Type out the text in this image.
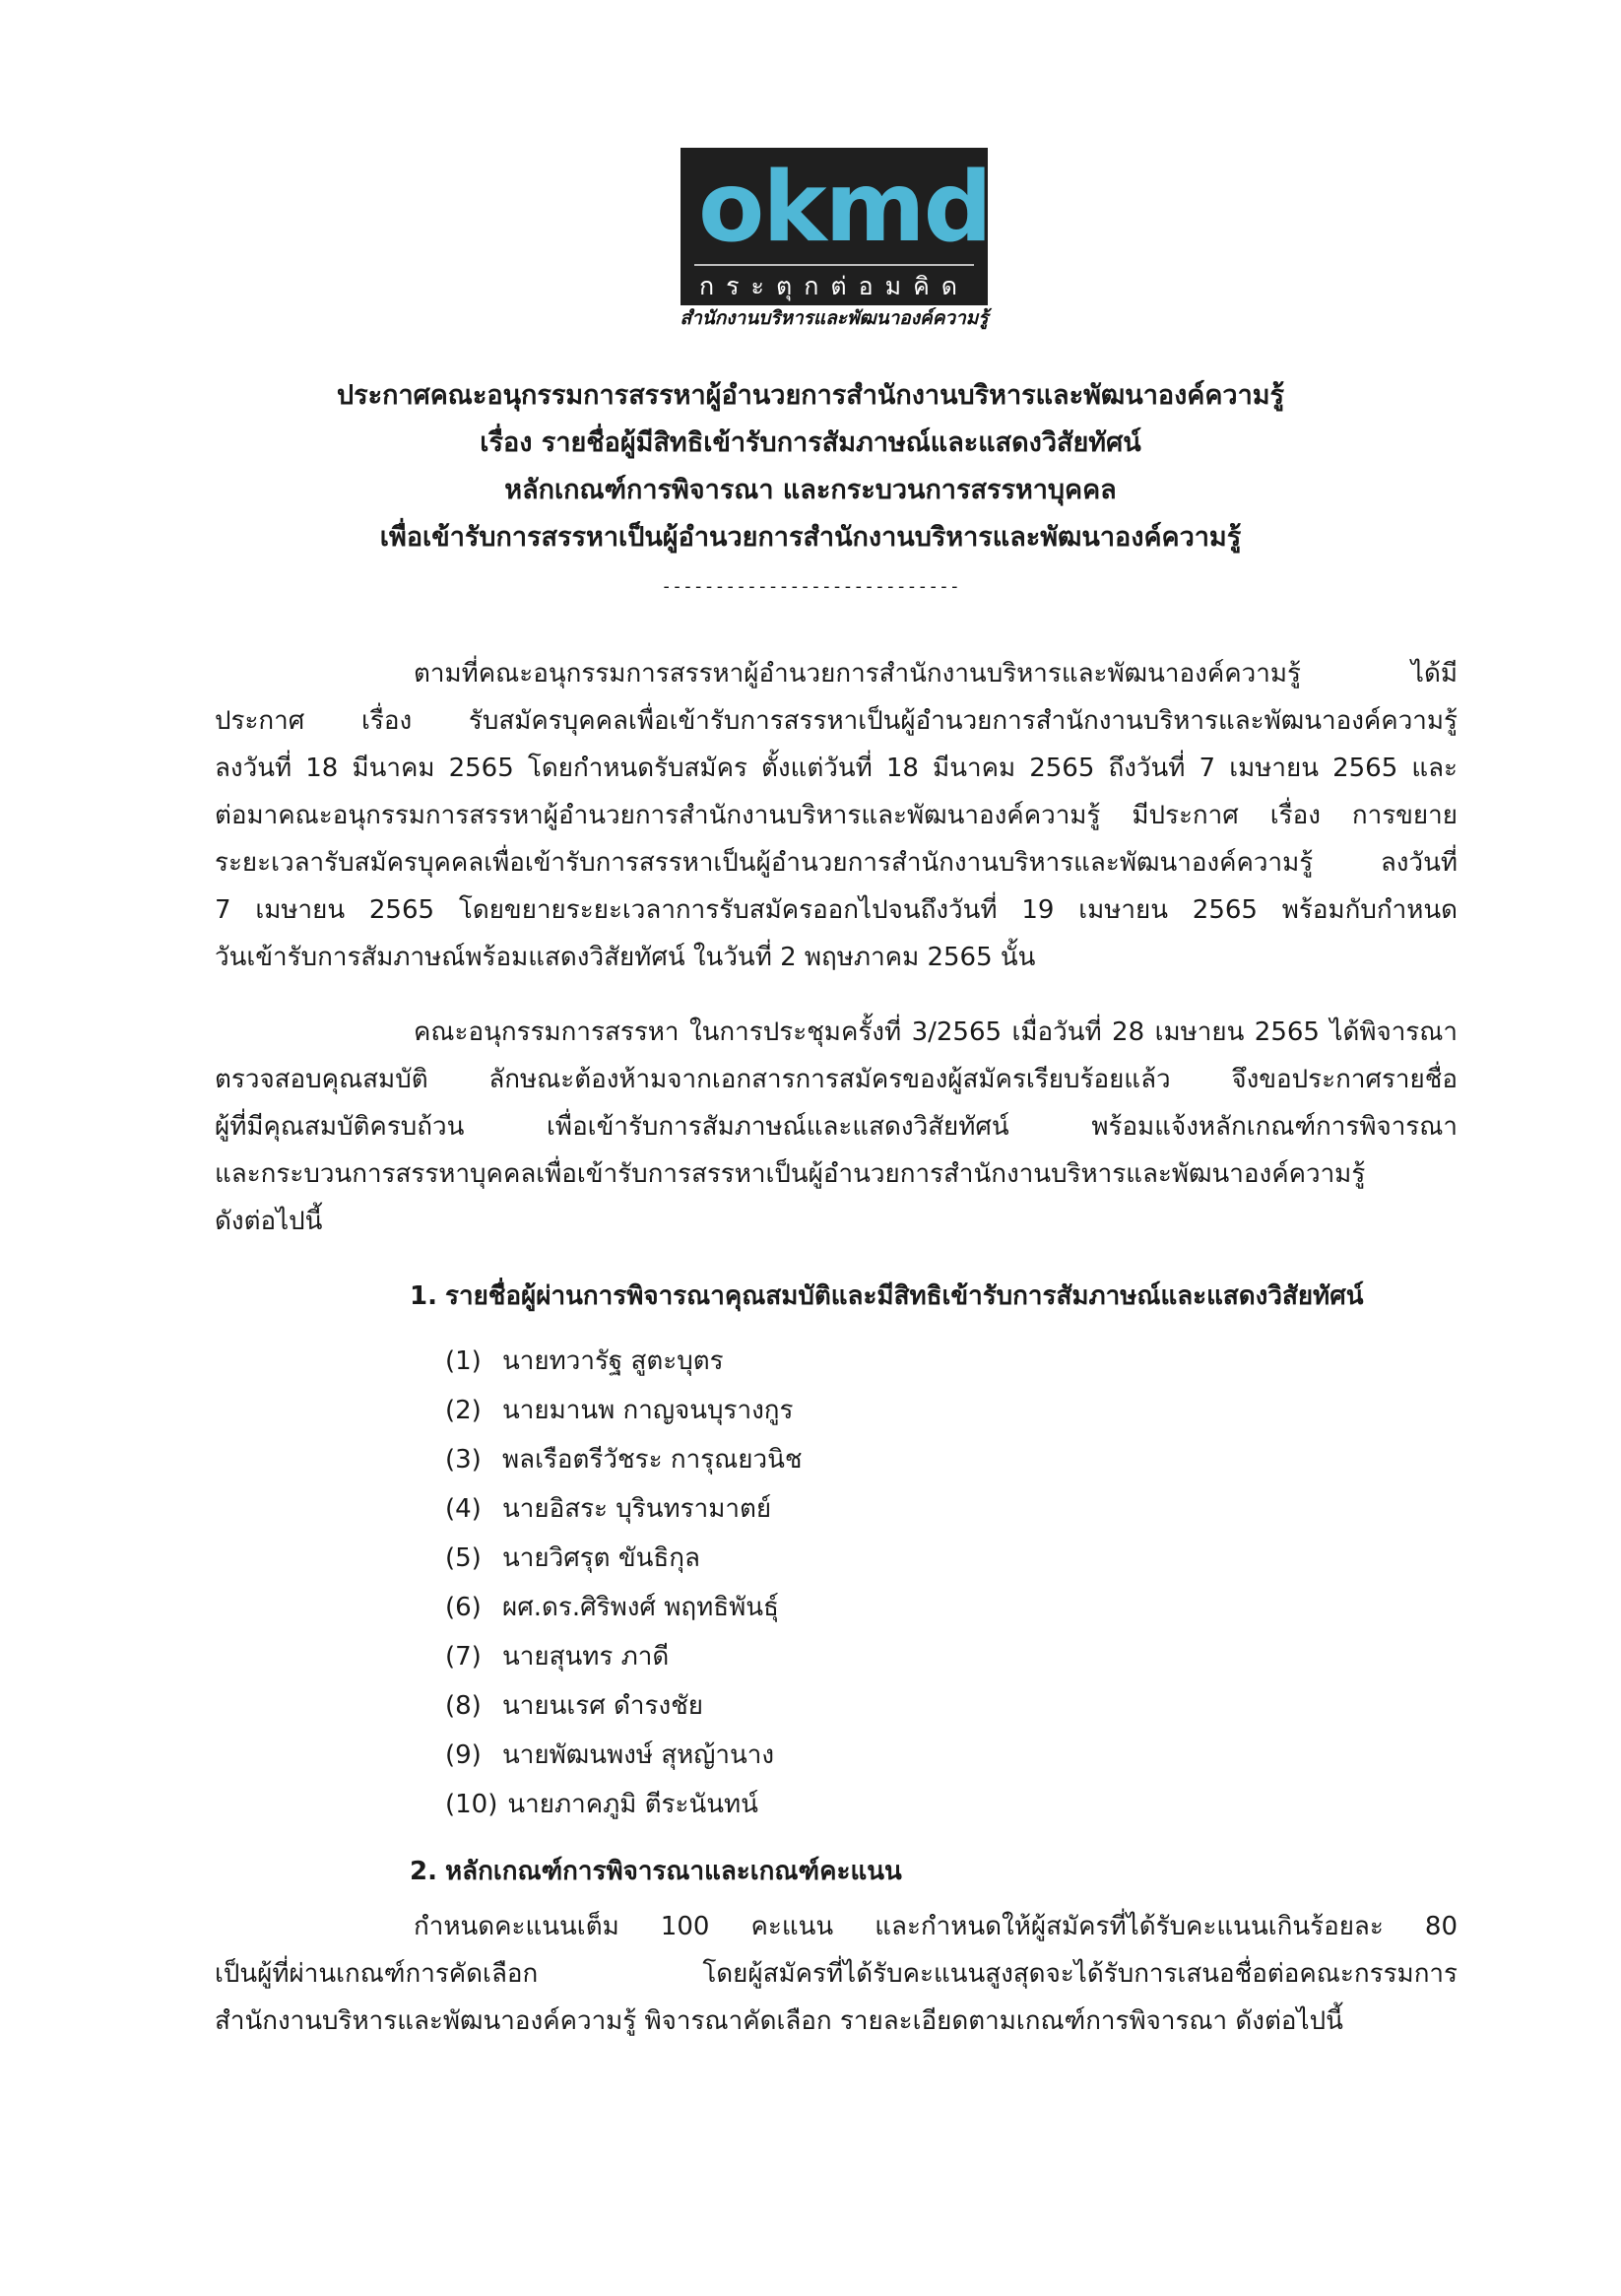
okmd
กระตุกต่อมคิด
สำนักงานบริหารและพัฒนาองค์ความรู้
ประกาศคณะอนุกรรมการสรรหาผู้อำนวยการสำนักงานบริหารและพัฒนาองค์ความรู้
เรื่อง รายชื่อผู้มีสิทธิเข้ารับการสัมภาษณ์และแสดงวิสัยทัศน์
หลักเกณฑ์การพิจารณา และกระบวนการสรรหาบุคคล
เพื่อเข้ารับการสรรหาเป็นผู้อำนวยการสำนักงานบริหารและพัฒนาองค์ความรู้
----------------------------
ตามที่คณะอนุกรรมการสรรหาผู้อำนวยการสำนักงานบริหารและพัฒนาองค์ความรู้ ได้มี
ประกาศ เรื่อง รับสมัครบุคคลเพื่อเข้ารับการสรรหาเป็นผู้อำนวยการสำนักงานบริหารและพัฒนาองค์ความรู้
ลงวันที่ 18 มีนาคม 2565 โดยกำหนดรับสมัคร ตั้งแต่วันที่ 18 มีนาคม 2565 ถึงวันที่ 7 เมษายน 2565 และ
ต่อมาคณะอนุกรรมการสรรหาผู้อำนวยการสำนักงานบริหารและพัฒนาองค์ความรู้ มีประกาศ เรื่อง การขยาย
ระยะเวลารับสมัครบุคคลเพื่อเข้ารับการสรรหาเป็นผู้อำนวยการสำนักงานบริหารและพัฒนาองค์ความรู้ ลงวันที่
7 เมษายน 2565 โดยขยายระยะเวลาการรับสมัครออกไปจนถึงวันที่ 19 เมษายน 2565 พร้อมกับกำหนด
วันเข้ารับการสัมภาษณ์พร้อมแสดงวิสัยทัศน์ ในวันที่ 2 พฤษภาคม 2565 นั้น
คณะอนุกรรมการสรรหา ในการประชุมครั้งที่ 3/2565 เมื่อวันที่ 28 เมษายน 2565 ได้พิจารณา
ตรวจสอบคุณสมบัติ ลักษณะต้องห้ามจากเอกสารการสมัครของผู้สมัครเรียบร้อยแล้ว จึงขอประกาศรายชื่อ
ผู้ที่มีคุณสมบัติครบถ้วน เพื่อเข้ารับการสัมภาษณ์และแสดงวิสัยทัศน์ พร้อมแจ้งหลักเกณฑ์การพิจารณา
และกระบวนการสรรหาบุคคลเพื่อเข้ารับการสรรหาเป็นผู้อำนวยการสำนักงานบริหารและพัฒนาองค์ความรู้
ดังต่อไปนี้
1. รายชื่อผู้ผ่านการพิจารณาคุณสมบัติและมีสิทธิเข้ารับการสัมภาษณ์และแสดงวิสัยทัศน์
(1) นายทวารัฐ สูตะบุตร
(2) นายมานพ กาญจนบุรางกูร
(3) พลเรือตรีวัชระ การุณยวนิช
(4) นายอิสระ บุรินทรามาตย์
(5) นายวิศรุต ขันธิกุล
(6) ผศ.ดร.ศิริพงศ์ พฤทธิพันธุ์
(7) นายสุนทร ภาดี
(8) นายนเรศ ดำรงชัย
(9) นายพัฒนพงษ์ สุหญ้านาง
(10) นายภาคภูมิ ตีระนันทน์
2. หลักเกณฑ์การพิจารณาและเกณฑ์คะแนน
กำหนดคะแนนเต็ม 100 คะแนน และกำหนดให้ผู้สมัครที่ได้รับคะแนนเกินร้อยละ 80
เป็นผู้ที่ผ่านเกณฑ์การคัดเลือก โดยผู้สมัครที่ได้รับคะแนนสูงสุดจะได้รับการเสนอชื่อต่อคณะกรรมการ
สำนักงานบริหารและพัฒนาองค์ความรู้ พิจารณาคัดเลือก รายละเอียดตามเกณฑ์การพิจารณา ดังต่อไปนี้
